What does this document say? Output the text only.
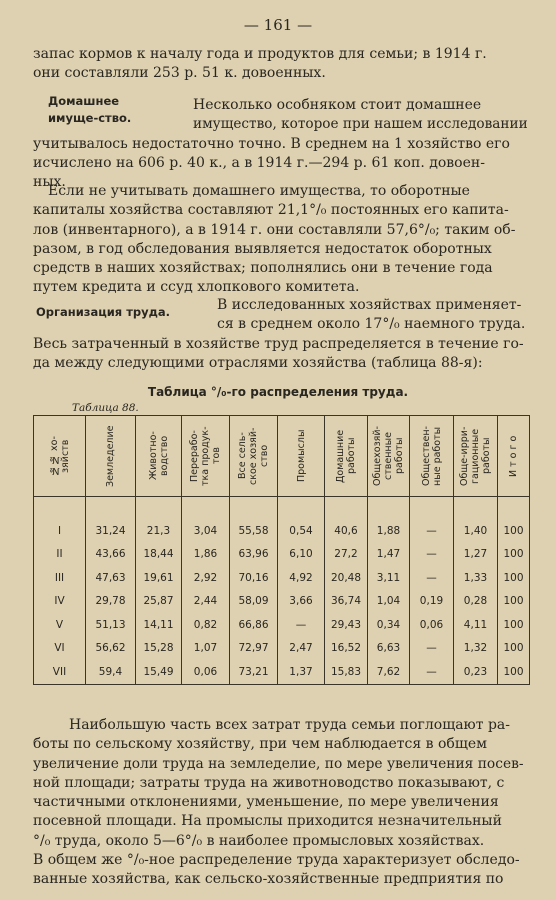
— 161 —

запас кормов к началу года и продуктов для семьи; в 1914 г.
они составляли 253 р. 51 к. довоенных.

Домашнее имуще-ство.

Несколько особняком стоит домашнее
имущество, которое при нашем исследовании
учитывалось недостаточно точно. В среднем на 1 хозяйство его
исчислено на 606 р. 40 к., а в 1914 г.—294 р. 61 коп. довоен-
ных.

Если не учитывать домашнего имущества, то оборотные
капиталы хозяйства составляют 21,1°/₀ постоянных его капита-
лов (инвентарного), а в 1914 г. они составляли 57,6°/₀; таким об-
разом, в год обследования выявляется недостаток оборотных
средств в наших хозяйствах; пополнялись они в течение года
путем кредита и ссуд хлопкового комитета.

Организация труда.	В исследованных хозяйствах применяет-
ся в среднем около 17°/₀ наемного труда.
Весь затраченный в хозяйстве труд распределяется в течение го-
да между следующими отраслями хозяйства (таблица 88-я):

Таблица °/₀-го распределения труда.
Таблица 88.
№№ хо-
зяйств	Земледелие	Животно-
водство	Перерабо-
тка продук-
тов	Все сель-
ское хозяй-
ство	Промыслы	Домашние
работы	Общехозяй-
ственные
работы	Обществен-
ные работы	Обще-ирри-
гационные
работы	И т о г о

I	31,24	21,3	3,04	55,58	0,54	40,6	1,88	—	1,40	100
II	43,66	18,44	1,86	63,96	6,10	27,2	1,47	—	1,27	100
III	47,63	19,61	2,92	70,16	4,92	20,48	3,11	—	1,33	100
IV	29,78	25,87	2,44	58,09	3,66	36,74	1,04	0,19	0,28	100
V	51,13	14,11	0,82	66,86	—	29,43	0,34	0,06	4,11	100
VI	56,62	15,28	1,07	72,97	2,47	16,52	6,63	—	1,32	100
VII	59,4	15,49	0,06	73,21	1,37	15,83	7,62	—	0,23	100

Наибольшую часть всех затрат труда семьи поглощают ра-
боты по сельскому хозяйству, при чем наблюдается в общем
увеличение доли труда на земледелие, по мере увеличения посев-
ной площади; затраты труда на животноводство показывают, с
частичными отклонениями, уменьшение, по мере увеличения
посевной площади. На промыслы приходится незначительный
°/₀ труда, около 5—6°/₀ в наиболее промысловых хозяйствах.
В общем же °/₀-ное распределение труда характеризует обследо-
ванные хозяйства, как сельско-хозяйственные предприятия по
